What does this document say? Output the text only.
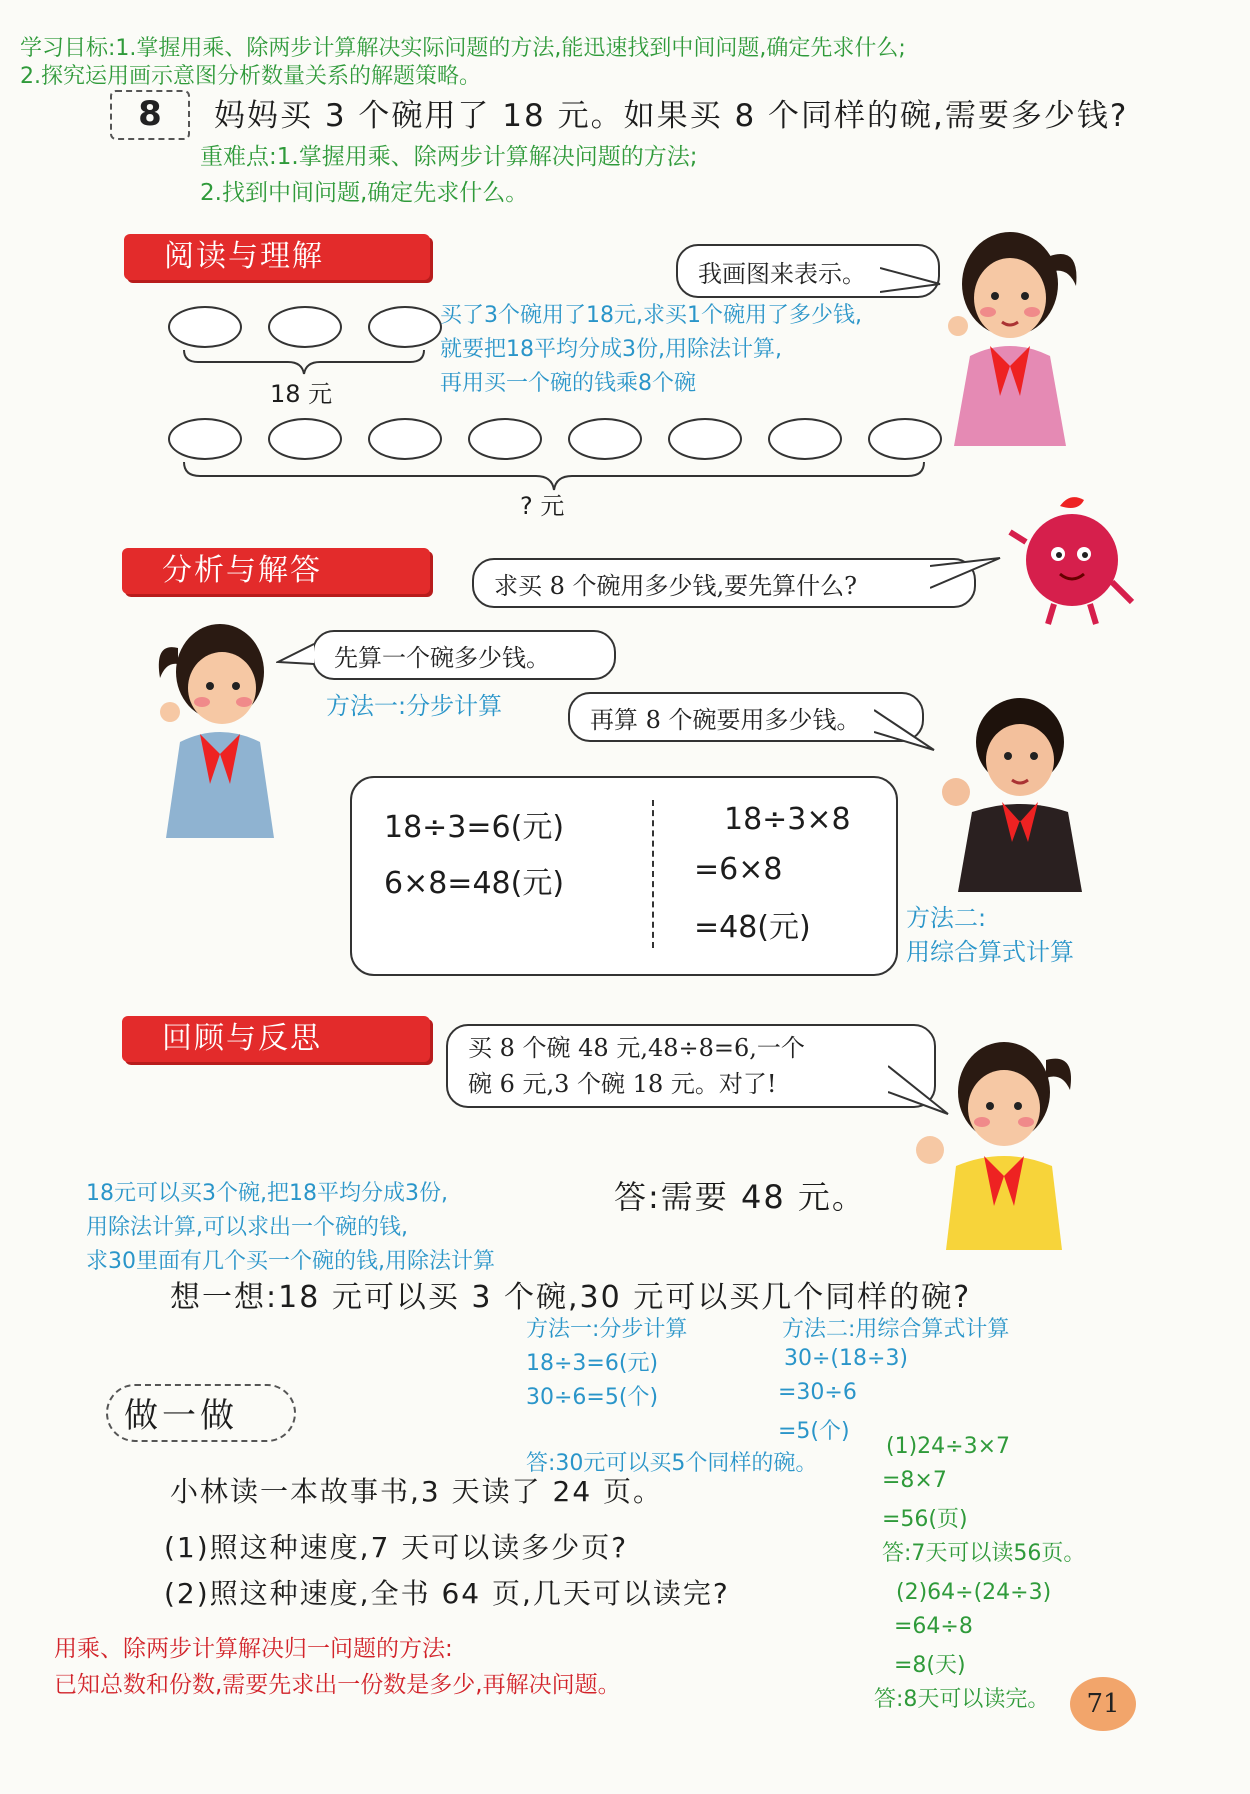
学习目标:1.掌握用乘、除两步计算解决实际问题的方法,能迅速找到中间问题,确定先求什么;
2.探究运用画示意图分析数量关系的解题策略。
8	妈妈买 3 个碗用了 18 元。如果买 8 个同样的碗,需要多少钱?
重难点:1.掌握用乘、除两步计算解决问题的方法;
2.找到中间问题,确定先求什么。
阅读与理解	我画图来表示。
18 元
买了3个碗用了18元,求买1个碗用了多少钱,
就要把18平均分成3份,用除法计算,
再用买一个碗的钱乘8个碗
? 元
分析与解答	求买 8 个碗用多少钱,要先算什么?
先算一个碗多少钱。
方法一:分步计算	再算 8 个碗要用多少钱。
18÷3=6(元)
6×8=48(元)
18÷3×8
=6×8
=48(元)	方法二:
用综合算式计算
回顾与反思	买 8 个碗 48 元,48÷8=6,一个
碗 6 元,3 个碗 18 元。对了!
18元可以买3个碗,把18平均分成3份,
用除法计算,可以求出一个碗的钱,
求30里面有几个买一个碗的钱,用除法计算
答:需要 48 元。
想一想:18 元可以买 3 个碗,30 元可以买几个同样的碗?
方法一:分步计算
18÷3=6(元)
30÷6=5(个)
方法二:用综合算式计算
30÷(18÷3)
=30÷6
=5(个)
答:30元可以买5个同样的碗。
做一做
小林读一本故事书,3 天读了 24 页。
(1)照这种速度,7 天可以读多少页?
(2)照这种速度,全书 64 页,几天可以读完?
(1)24÷3×7
=8×7
=56(页)
答:7天可以读56页。
(2)64÷(24÷3)
=64÷8
=8(天)
答:8天可以读完。
用乘、除两步计算解决归一问题的方法:
已知总数和份数,需要先求出一份数是多少,再解决问题。
71
